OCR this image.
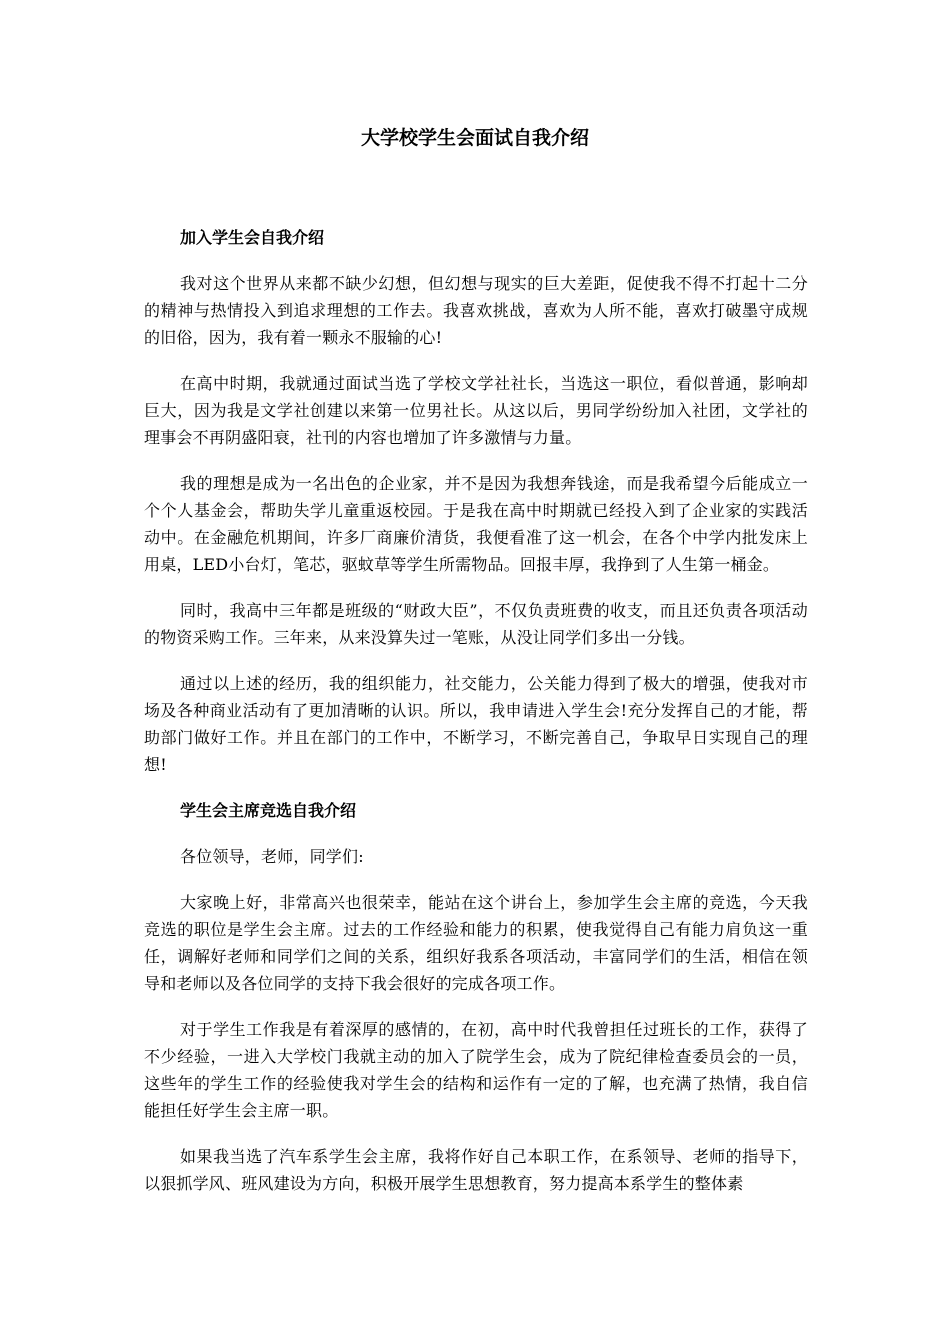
大学校学生会面试自我介绍

加入学生会自我介绍

我对这个世界从来都不缺少幻想，但幻想与现实的巨大差距，促使我不得不打起十二分的精神与热情投入到追求理想的工作去。我喜欢挑战，喜欢为人所不能，喜欢打破墨守成规的旧俗，因为，我有着一颗永不服输的心!

在高中时期，我就通过面试当选了学校文学社社长，当选这一职位，看似普通，影响却巨大，因为我是文学社创建以来第一位男社长。从这以后，男同学纷纷加入社团，文学社的理事会不再阴盛阳衰，社刊的内容也增加了许多激情与力量。

我的理想是成为一名出色的企业家，并不是因为我想奔钱途，而是我希望今后能成立一个个人基金会，帮助失学儿童重返校园。于是我在高中时期就已经投入到了企业家的实践活动中。在金融危机期间，许多厂商廉价清货，我便看准了这一机会，在各个中学内批发床上用桌，LED小台灯，笔芯，驱蚊草等学生所需物品。回报丰厚，我挣到了人生第一桶金。

同时，我高中三年都是班级的“财政大臣”，不仅负责班费的收支，而且还负责各项活动的物资采购工作。三年来，从来没算失过一笔账，从没让同学们多出一分钱。

通过以上述的经历，我的组织能力，社交能力，公关能力得到了极大的增强，使我对市场及各种商业活动有了更加清晰的认识。所以，我申请进入学生会!充分发挥自己的才能，帮助部门做好工作。并且在部门的工作中，不断学习，不断完善自己，争取早日实现自己的理想!

学生会主席竞选自我介绍

各位领导，老师，同学们:

大家晚上好，非常高兴也很荣幸，能站在这个讲台上，参加学生会主席的竞选，今天我竞选的职位是学生会主席。过去的工作经验和能力的积累，使我觉得自己有能力肩负这一重任，调解好老师和同学们之间的关系，组织好我系各项活动，丰富同学们的生活，相信在领导和老师以及各位同学的支持下我会很好的完成各项工作。

对于学生工作我是有着深厚的感情的，在初，高中时代我曾担任过班长的工作，获得了不少经验，一进入大学校门我就主动的加入了院学生会，成为了院纪律检查委员会的一员，这些年的学生工作的经验使我对学生会的结构和运作有一定的了解，也充满了热情，我自信能担任好学生会主席一职。

如果我当选了汽车系学生会主席，我将作好自己本职工作，在系领导、老师的指导下，以狠抓学风、班风建设为方向，积极开展学生思想教育，努力提高本系学生的整体素
